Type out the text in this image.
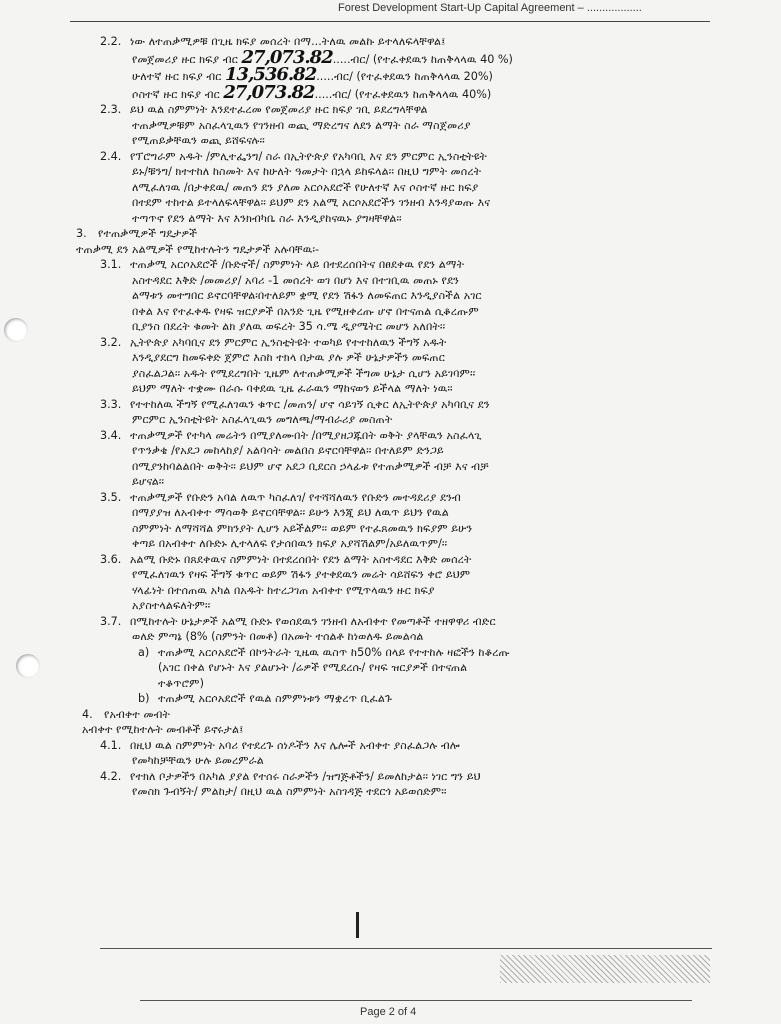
Forest Development Start-Up Capital Agreement – ..................
2.2. ነው ለተጠቃሚዎቹ በጊዜ ክፍያ መሰረት በማ...ትለዉ መልኩ ይተላለፍላቸዋል፤
የመጀመሪያ ዙር ክፍያ ብር 27,073.82.....ብር/ (የተፈቀደዉን ከጠቅላላዉ 40 %)
ሁለተኛ ዙር ክፍያ ብር 13,536.82.....ብር/ (የተፈቀደዉን ከጠቅላላዉ 20%)
ሶስተኛ ዙር ክፍያ ብር 27,073.82.....ብር/ (የተፈቀደዉን ከጠቅላላዉ 40%)
2.3. ይህ ዉል ስምምነት እንደተፈረመ የመጀመሪያ ዙር ክፍያ ገቢ ይደረግላቸዋል
ተጠቃሚዎቹም አስፈላጊዉን የገንዘብ ወጪ ማድረግና ለደን ልማት ስራ ማስጀመሪያ
የሚጠይቃቸዉን ወጪ ይሸፍናሉ፡፡
2.4. የፕሮግራም አዱት /ምሊተፌንግ/ ስራ በኢትዮጵያ የአካባቢ እና ደን ምርምር ኢንስቲትዩት
ይኑ/ቹንግ/ ክተተከለ ከስመት እና ከሁለት ዓመታት በኋላ ይከፍላል፡፡ በዚህ ግምት መሰረት
ለሚፈለገዉ /በታቀደዉ/ መጠን ደን ያለመ አርሶአደሮች የሁለተኛ እና ሶስተኛ ዙር ክፍያ
በተደም ተከተል ይተላለፍላቸዋል፡፡ ይህም ደን አልሚ አርሶአደሮችን ገንዘብ እንዳያወጡ እና
ተጣጥኖ የደን ልማት እና እንክብካቤ ስራ እንዲያከናዉኑ ያግዛቸዋል፡፡
3. የተጠቃሚዎች ግዴታዎች
ተጠቃሚ ደን አልሚዎች የሚከተሉትን ግዴታዎች አሉባቸዉ፡-
3.1. ተጠቃሚ አርሶአደሮች /ቡድኖች/ ስምምነት ላይ በተደረሰበትና በፀደቀዉ የደን ልማት
አስተዳደር እቅድ /መመሪያ/ አባሪ -1 መሰረት ወገ በሆነ እና በተገቢዉ መጠኑ የደን
ልማቱን መተግበር ይኖርባቸዋል፡በተለይም ቋሚ የደን ሽፋን ለመፍጠር እንዲያስችል አገር
በቀል እና የተፈቀዱ የዛፍ ዝርያዎች በአንድ ጊዜ የሚዘቀረጡ ሆኖ በተናጠል ሲቆረጡም
ቢያንስ በደረት ቁመት ልክ ያለዉ ወፍረት 35 ሳ.ሜ ዲያሜትር መሆን አለበት፡፡
3.2. ኢትዮጵያ አካባቢና ደን ምርምር ኢንስቲትዩት ተወካይ የተተከለዉን ችግኝ አዱት
እንዲያደርግ ከመፍቀድ ጀምሮ እስከ ተክላ በታዉ ያሉ ዎች ሁኔታዎችን መፍጠር
ያስፈልጋል፡፡ አዱት የሚደረግበት ጊዜም ለተጠቃሚዎች ችግመ ሁኔታ ሲሆን አይገባም፡፡
ይህም ማለት ተቋሙ በራሱ ባቀደዉ ጊዜ ፈራዉን ማከናወን ይችላል ማለት ነዉ፡፡
3.3. የተተከለዉ ችግኝ የሚፈለገዉን ቁጥር /መጠን/ ሆኖ ሳይገኝ ሲቀር ለኢትዮጵያ አካባቢና ደን
ምርምር ኢንስቲትዩት አስፈላጊዉን መግለጫ/ማብራሪያ መስጠት
3.4. ተጠቃሚዎች የተካላ መሬትን በሚያለሙበት /በሚያዘጋጁበት ወቅት ያላቸዉን አስፈላጊ
የጥንቃቄ /የአደጋ መከላከያ/ አልባሳት መልበስ ይኖርባቸዋል፡፡ በተለይም ድንጋይ
በሚያንከባልልበት ወቅት፡፡ ይህም ሆኖ አደጋ ቢደርስ ኃላፊቱ የተጠቃሚዎች ብቻ እና ብቻ
ይሆናል፡፡
3.5. ተጠቃሚዎች የቡድን አባል ለዉጥ ካስፈለገ/ የተሻሻለዉን የቡድን መተዳደሪያ ደንብ
በማያያዝ ለአብቀተ ማሳወቅ ይኖርባቸዋል፡፡ ይሁን እንጂ ይህ ለዉጥ ይህን የዉል
ስምምነት ለማሻሻል ምክንያት ሊሆን አይችልም፡፡ ወይም የተፈጸመዉን ክፍያም ይሁን
ቀጣይ በአብቀተ ለቡድኑ ሊተላለፍ የታሰበዉን ክፍያ አያሻሽልም/አይለዉጥም/፡፡
3.6. አልሚ ቡድኑ በጸደቀዉና ስምምነት በተደረሰበት የደን ልማት አስተዳደር እቅድ መሰረት
የሚፈለገዉን የዛፍ ችግኝ ቁጥር ወይም ሽፋን ያተቀደዉን መሬት ሳይሸፍን ቀሮ ይህም
ሃላፊነት በተሰጠዉ አካል በአዱት ከተረጋገጠ አብቀተ የሚጥላዉን ዙር ክፍያ
አያስተላልፍለትም፡፡
3.7. በሚከተሉት ሁኔታዎች አልሚ ቡድኑ የወሰደዉን ገንዘብ ለአብቀተ የመጣቶች ተዘዋዋሪ ብድር
ወለድ ምጣኔ (8% (ስምንት በመቶ) በአመት ተሰልቶ ከነወለዱ ይመልሳል
a) ተጠቃሚ አርሶአደሮች በኮንትራት ጊዜዉ ዉስጥ ከ50% በላይ የተተከሉ ዛፎችን ከቆረጡ
(አገር በቀል የሆኑት እና ያልሆኑት /ሬዎች የሚደረሱ/ የዛፍ ዝርያዎች በተናጠል
ተቆጥሮም)
b) ተጠቃሚ አርሶአደሮች የዉል ስምምነቱን ማቋረጥ ቢፈልጉ
4. የአብቀተ መብት
አብቀተ የሚከተሉት መብቶች ይኖሩታል፤
4.1. በዚህ ዉል ስምምነት አባሪ የተደረጉ ሰነዶችን እና ሌሎች አብቀተ ያስፈልጋሉ ብሎ
የመካከቻቸዉን ሁሉ ይመረምራል
4.2. የተክለ ቦታዎችን በአካል ያያል የተሰሩ ስራዎችን /ዝግጅቶችን/ ይመለከታል፡፡ ነገር ግን ይህ
የመስክ ጉብኝት/ ምልከታ/ በዚህ ዉል ስምምነት አስገዳጅ ተደርጎ አይወሰድም፡፡
Page 2 of 4
